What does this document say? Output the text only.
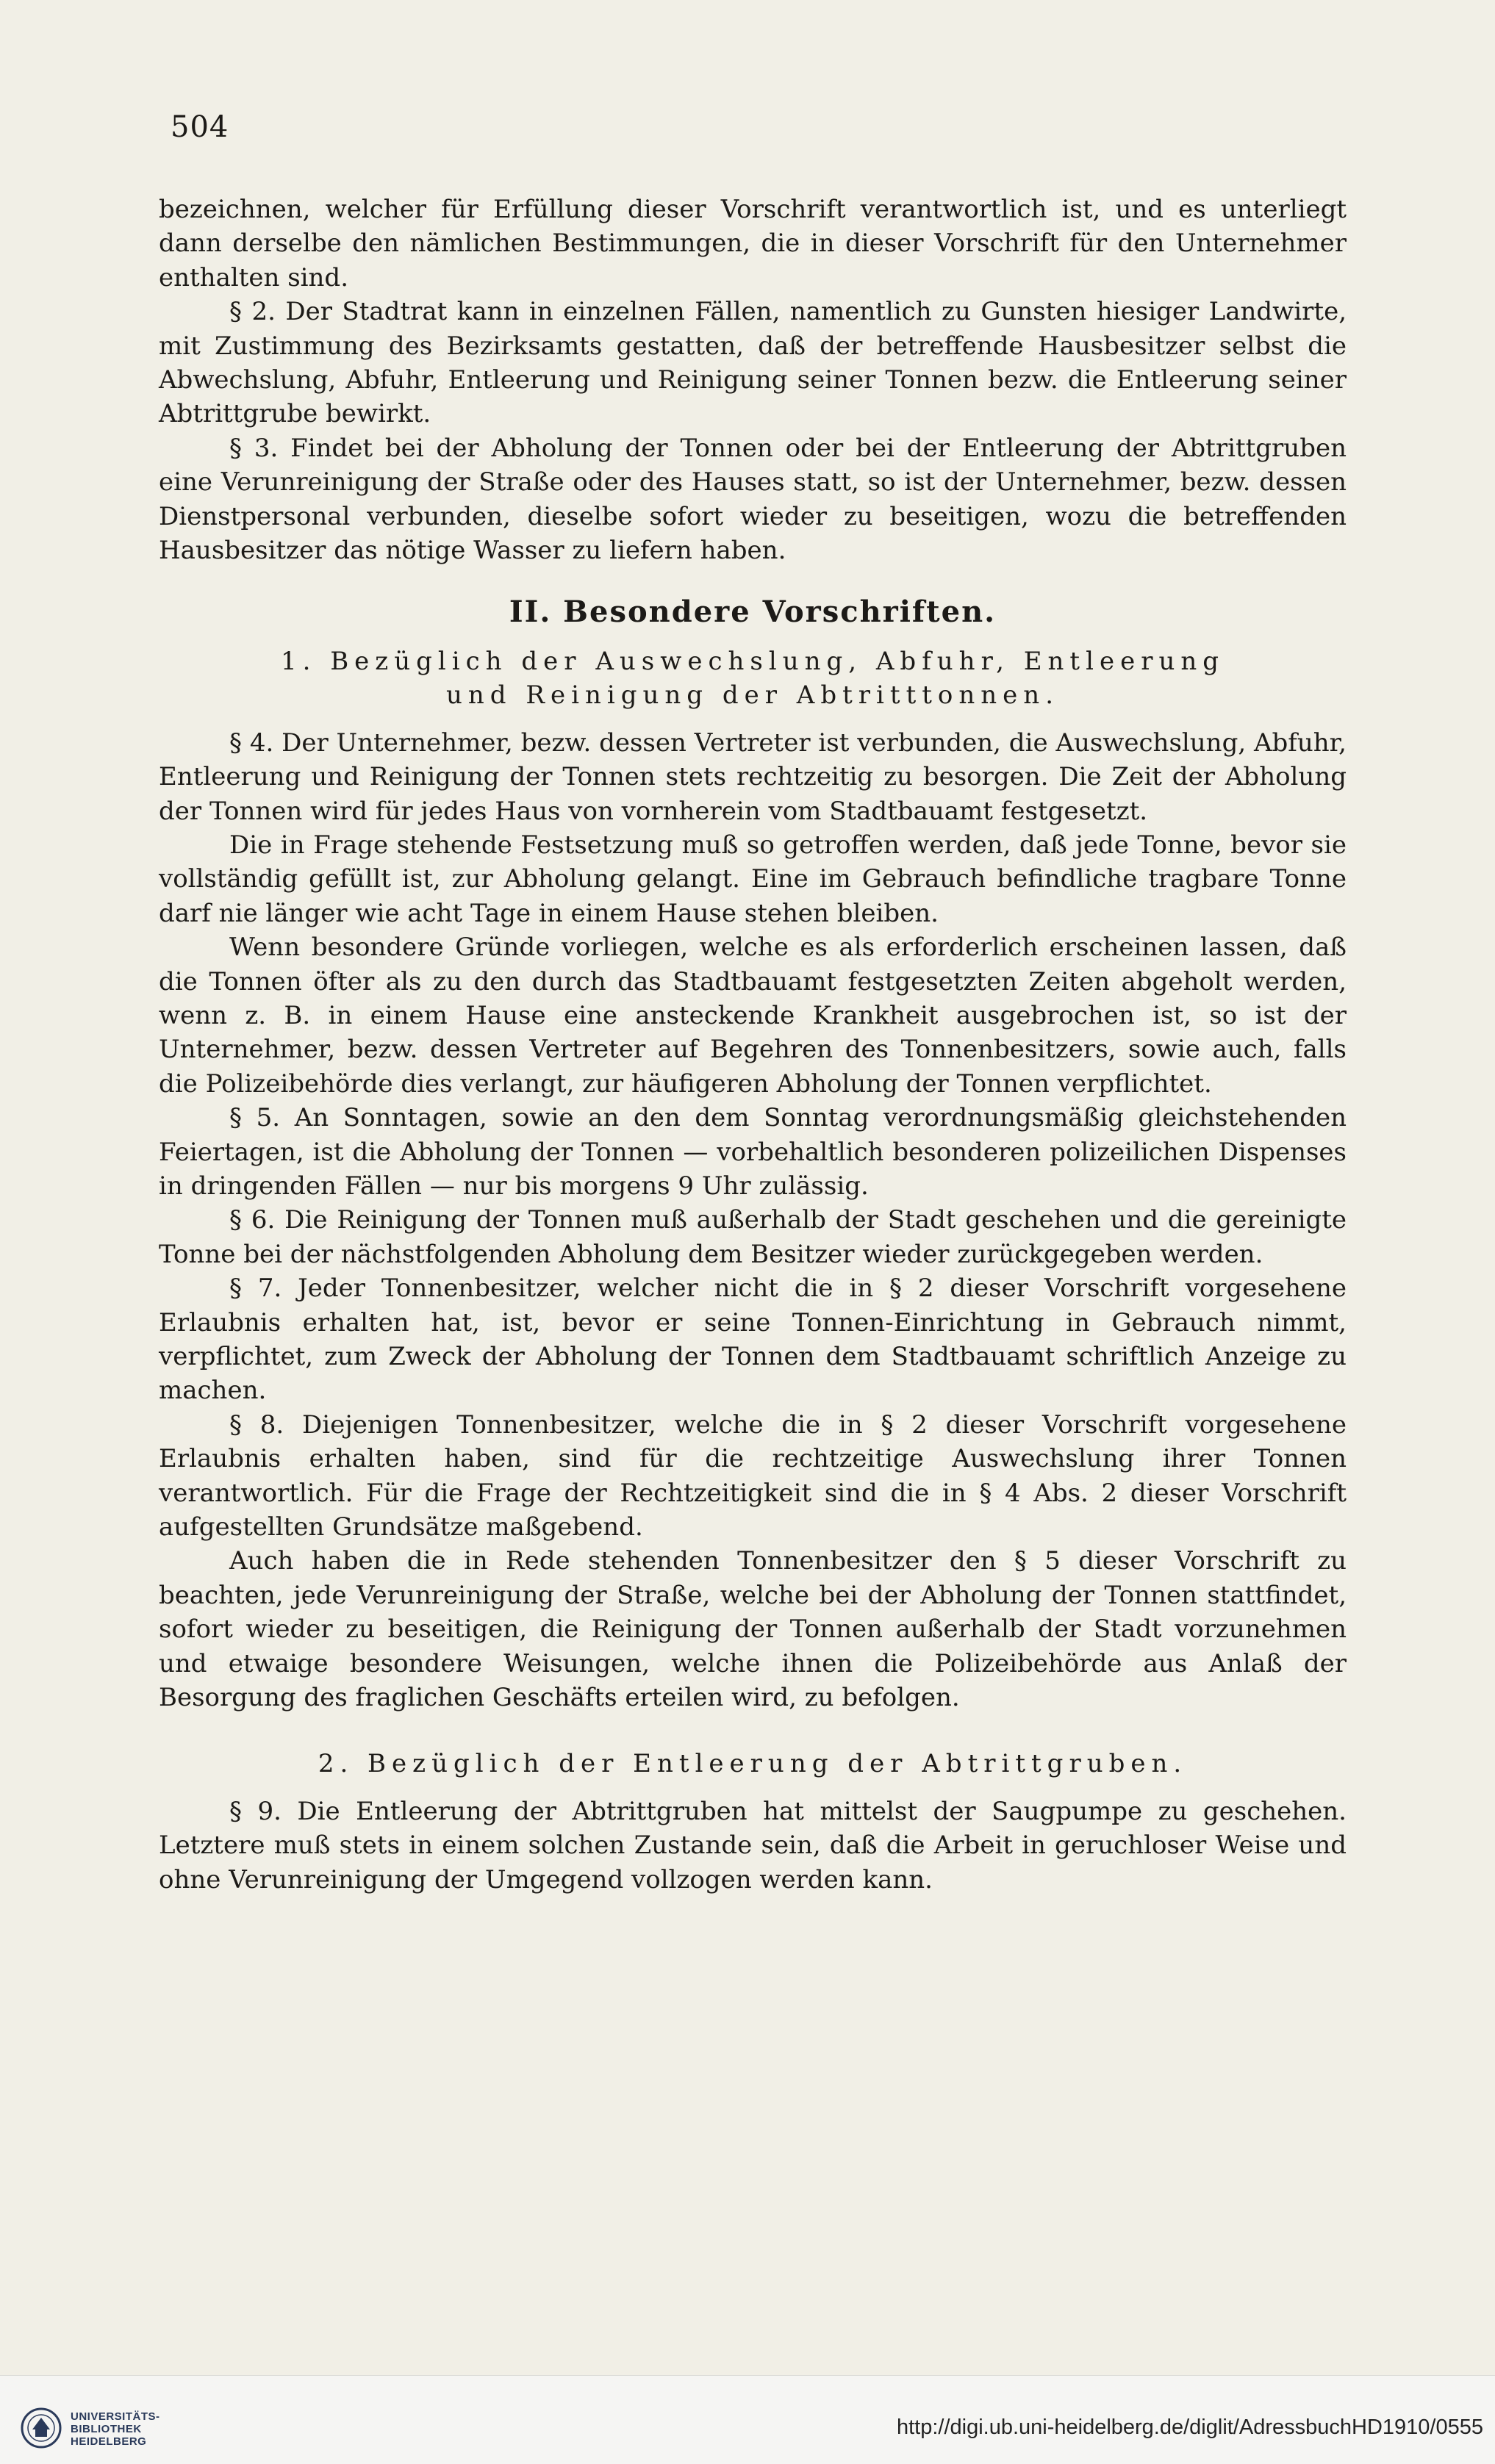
504

bezeichnen, welcher für Erfüllung dieser Vorschrift verantwortlich ist, und es unterliegt dann derselbe den nämlichen Bestimmungen, die in dieser Vorschrift für den Unternehmer enthalten sind.

§ 2. Der Stadtrat kann in einzelnen Fällen, namentlich zu Gunsten hiesiger Landwirte, mit Zustimmung des Bezirksamts gestatten, daß der betreffende Hausbesitzer selbst die Abwechslung, Abfuhr, Entleerung und Reinigung seiner Tonnen bezw. die Entleerung seiner Abtrittgrube bewirkt.

§ 3. Findet bei der Abholung der Tonnen oder bei der Entleerung der Abtrittgruben eine Verunreinigung der Straße oder des Hauses statt, so ist der Unternehmer, bezw. dessen Dienstpersonal verbunden, dieselbe sofort wieder zu beseitigen, wozu die betreffenden Hausbesitzer das nötige Wasser zu liefern haben.

II. Besondere Vorschriften.

1. Bezüglich der Auswechslung, Abfuhr, Entleerung

und Reinigung der Abtritttonnen.

§ 4. Der Unternehmer, bezw. dessen Vertreter ist verbunden, die Auswechslung, Abfuhr, Entleerung und Reinigung der Tonnen stets rechtzeitig zu besorgen. Die Zeit der Abholung der Tonnen wird für jedes Haus von vornherein vom Stadtbauamt festgesetzt.

Die in Frage stehende Festsetzung muß so getroffen werden, daß jede Tonne, bevor sie vollständig gefüllt ist, zur Abholung gelangt. Eine im Gebrauch befindliche tragbare Tonne darf nie länger wie acht Tage in einem Hause stehen bleiben.

Wenn besondere Gründe vorliegen, welche es als erforderlich erscheinen lassen, daß die Tonnen öfter als zu den durch das Stadtbauamt festgesetzten Zeiten abgeholt werden, wenn z. B. in einem Hause eine ansteckende Krankheit ausgebrochen ist, so ist der Unternehmer, bezw. dessen Vertreter auf Begehren des Tonnenbesitzers, sowie auch, falls die Polizeibehörde dies verlangt, zur häufigeren Abholung der Tonnen verpflichtet.

§ 5. An Sonntagen, sowie an den dem Sonntag verordnungsmäßig gleichstehenden Feiertagen, ist die Abholung der Tonnen — vorbehaltlich besonderen polizeilichen Dispenses in dringenden Fällen — nur bis morgens 9 Uhr zulässig.

§ 6. Die Reinigung der Tonnen muß außerhalb der Stadt geschehen und die gereinigte Tonne bei der nächstfolgenden Abholung dem Besitzer wieder zurückgegeben werden.

§ 7. Jeder Tonnenbesitzer, welcher nicht die in § 2 dieser Vorschrift vorgesehene Erlaubnis erhalten hat, ist, bevor er seine Tonnen-Einrichtung in Gebrauch nimmt, verpflichtet, zum Zweck der Abholung der Tonnen dem Stadtbauamt schriftlich Anzeige zu machen.

§ 8. Diejenigen Tonnenbesitzer, welche die in § 2 dieser Vorschrift vorgesehene Erlaubnis erhalten haben, sind für die rechtzeitige Auswechslung ihrer Tonnen verantwortlich. Für die Frage der Rechtzeitigkeit sind die in § 4 Abs. 2 dieser Vorschrift aufgestellten Grundsätze maßgebend.

Auch haben die in Rede stehenden Tonnenbesitzer den § 5 dieser Vorschrift zu beachten, jede Verunreinigung der Straße, welche bei der Abholung der Tonnen stattfindet, sofort wieder zu beseitigen, die Reinigung der Tonnen außerhalb der Stadt vorzunehmen und etwaige besondere Weisungen, welche ihnen die Polizeibehörde aus Anlaß der Besorgung des fraglichen Geschäfts erteilen wird, zu befolgen.

2. Bezüglich der Entleerung der Abtrittgruben.

§ 9. Die Entleerung der Abtrittgruben hat mittelst der Saugpumpe zu geschehen. Letztere muß stets in einem solchen Zustande sein, daß die Arbeit in geruchloser Weise und ohne Verunreinigung der Umgegend vollzogen werden kann.

UNIVERSITÄTS-
BIBLIOTHEK
HEIDELBERG
http://digi.ub.uni-heidelberg.de/diglit/AdressbuchHD1910/0555
